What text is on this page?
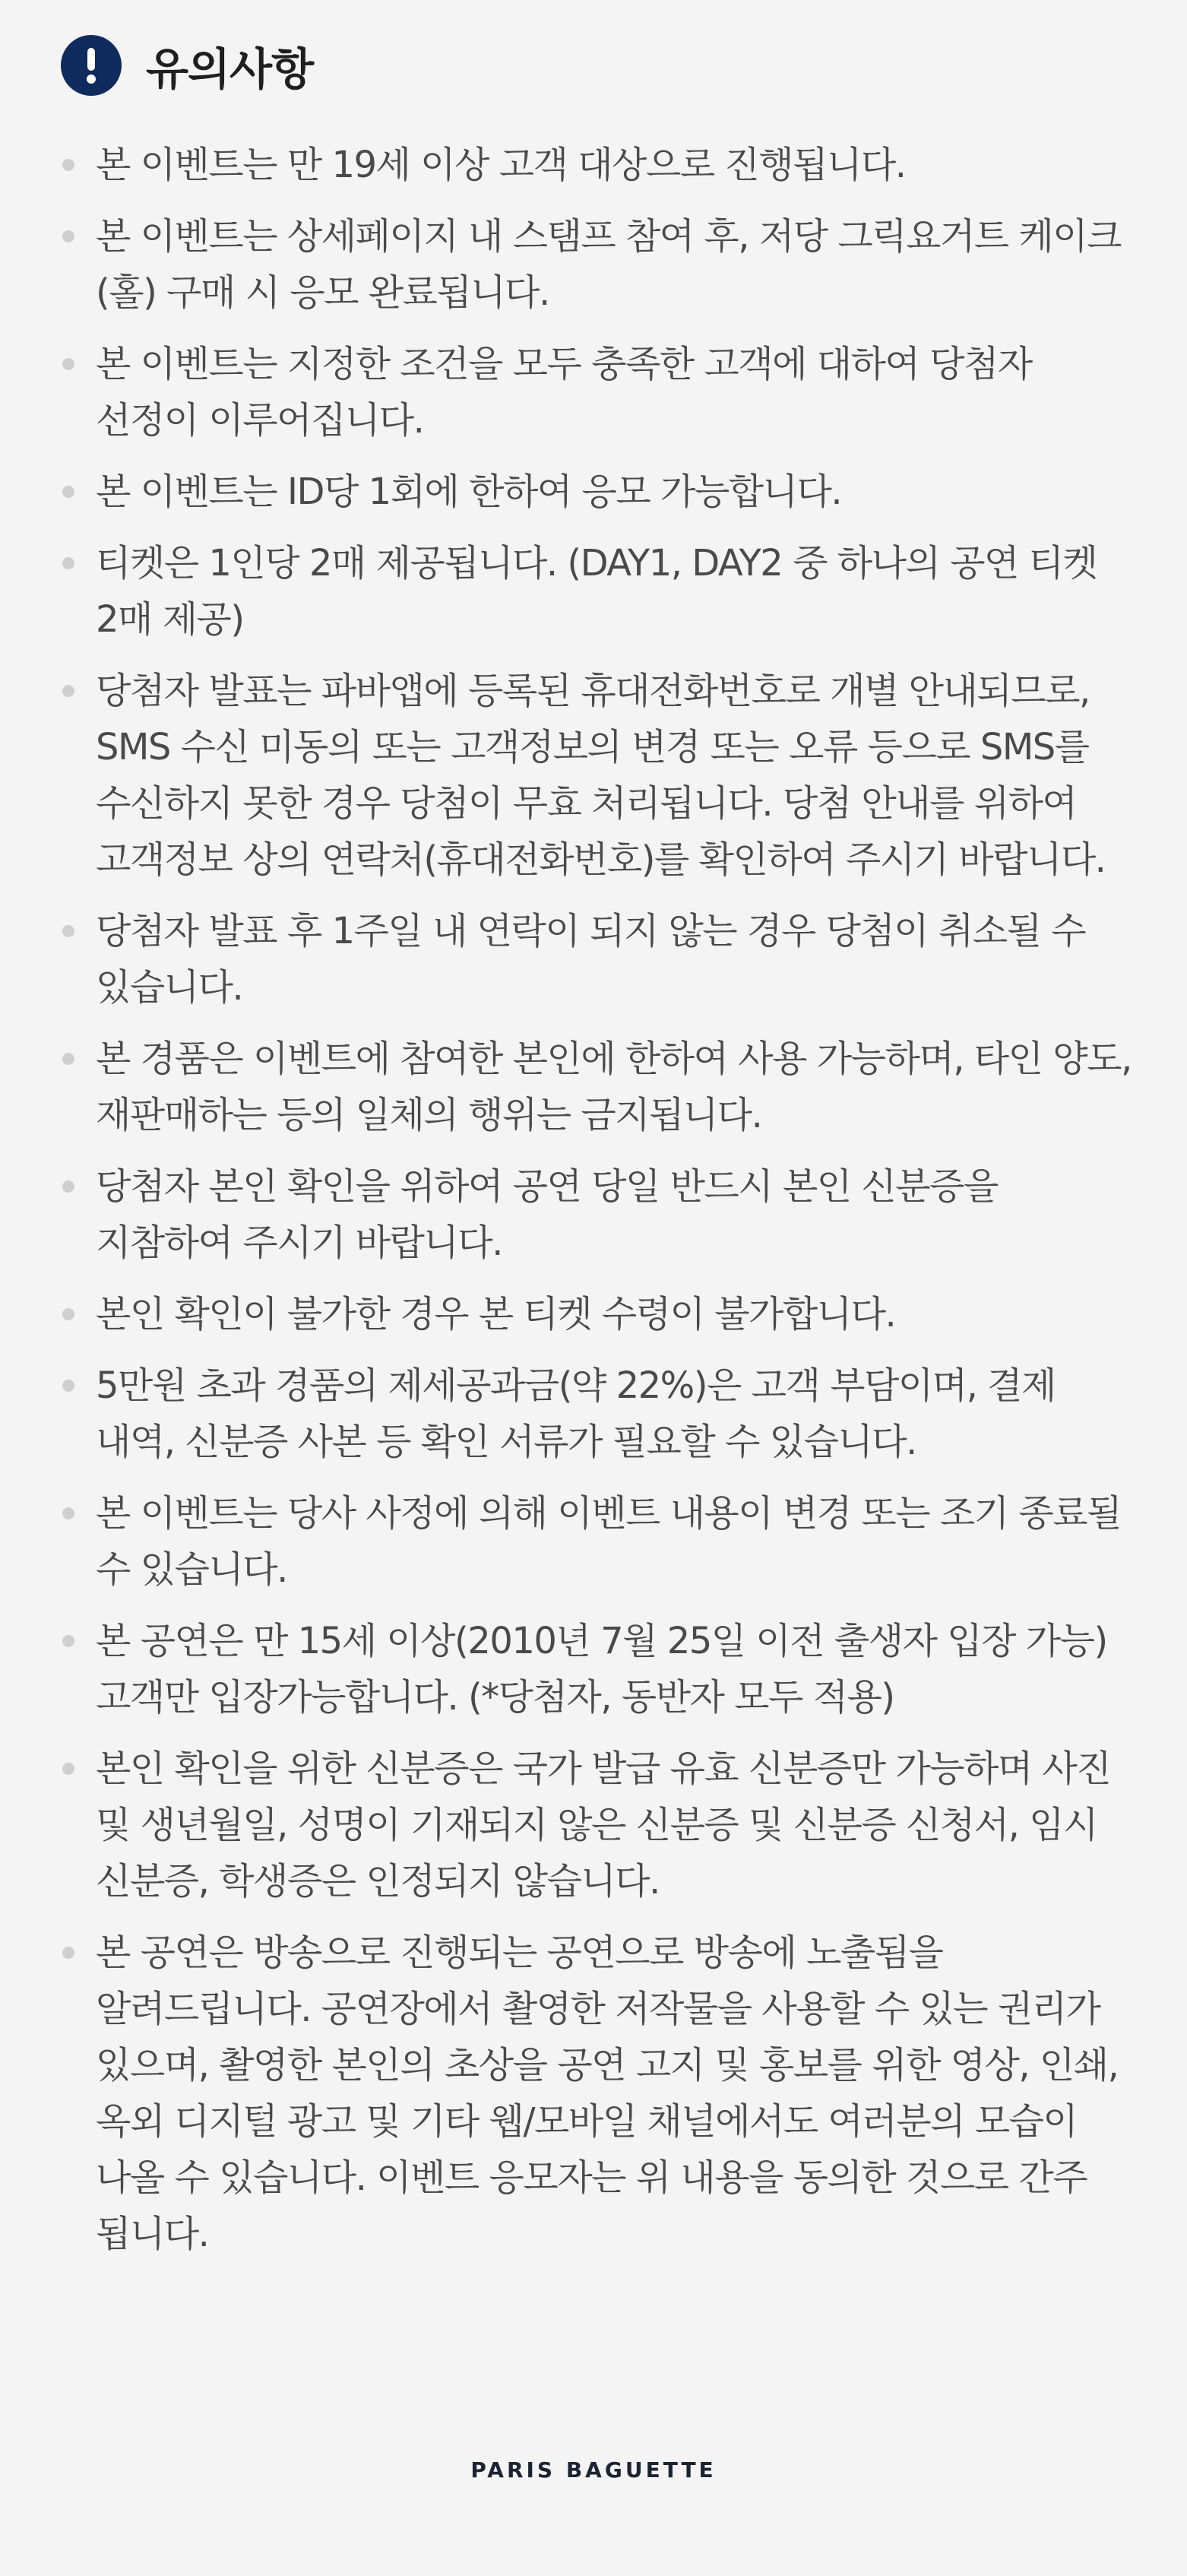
유의사항
본 이벤트는 만 19세 이상 고객 대상으로 진행됩니다.
본 이벤트는 상세페이지 내 스탬프 참여 후, 저당 그릭요거트 케이크(홀) 구매 시 응모 완료됩니다.
본 이벤트는 지정한 조건을 모두 충족한 고객에 대하여 당첨자 선정이 이루어집니다.
본 이벤트는 ID당 1회에 한하여 응모 가능합니다.
티켓은 1인당 2매 제공됩니다. (DAY1, DAY2 중 하나의 공연 티켓 2매 제공)
당첨자 발표는 파바앱에 등록된 휴대전화번호로 개별 안내되므로, SMS 수신 미동의 또는 고객정보의 변경 또는 오류 등으로 SMS를 수신하지 못한 경우 당첨이 무효 처리됩니다. 당첨 안내를 위하여 고객정보 상의 연락처(휴대전화번호)를 확인하여 주시기 바랍니다.
당첨자 발표 후 1주일 내 연락이 되지 않는 경우 당첨이 취소될 수 있습니다.
본 경품은 이벤트에 참여한 본인에 한하여 사용 가능하며, 타인 양도, 재판매하는 등의 일체의 행위는 금지됩니다.
당첨자 본인 확인을 위하여 공연 당일 반드시 본인 신분증을 지참하여 주시기 바랍니다.
본인 확인이 불가한 경우 본 티켓 수령이 불가합니다.
5만원 초과 경품의 제세공과금(약 22%)은 고객 부담이며, 결제 내역, 신분증 사본 등 확인 서류가 필요할 수 있습니다.
본 이벤트는 당사 사정에 의해 이벤트 내용이 변경 또는 조기 종료될 수 있습니다.
본 공연은 만 15세 이상(2010년 7월 25일 이전 출생자 입장 가능) 고객만 입장가능합니다. (*당첨자, 동반자 모두 적용)
본인 확인을 위한 신분증은 국가 발급 유효 신분증만 가능하며 사진 및 생년월일, 성명이 기재되지 않은 신분증 및 신분증 신청서, 임시 신분증, 학생증은 인정되지 않습니다.
본 공연은 방송으로 진행되는 공연으로 방송에 노출됨을 알려드립니다. 공연장에서 촬영한 저작물을 사용할 수 있는 권리가 있으며, 촬영한 본인의 초상을 공연 고지 및 홍보를 위한 영상, 인쇄, 옥외 디지털 광고 및 기타 웹/모바일 채널에서도 여러분의 모습이 나올 수 있습니다. 이벤트 응모자는 위 내용을 동의한 것으로 간주 됩니다.
PARIS BAGUETTE
